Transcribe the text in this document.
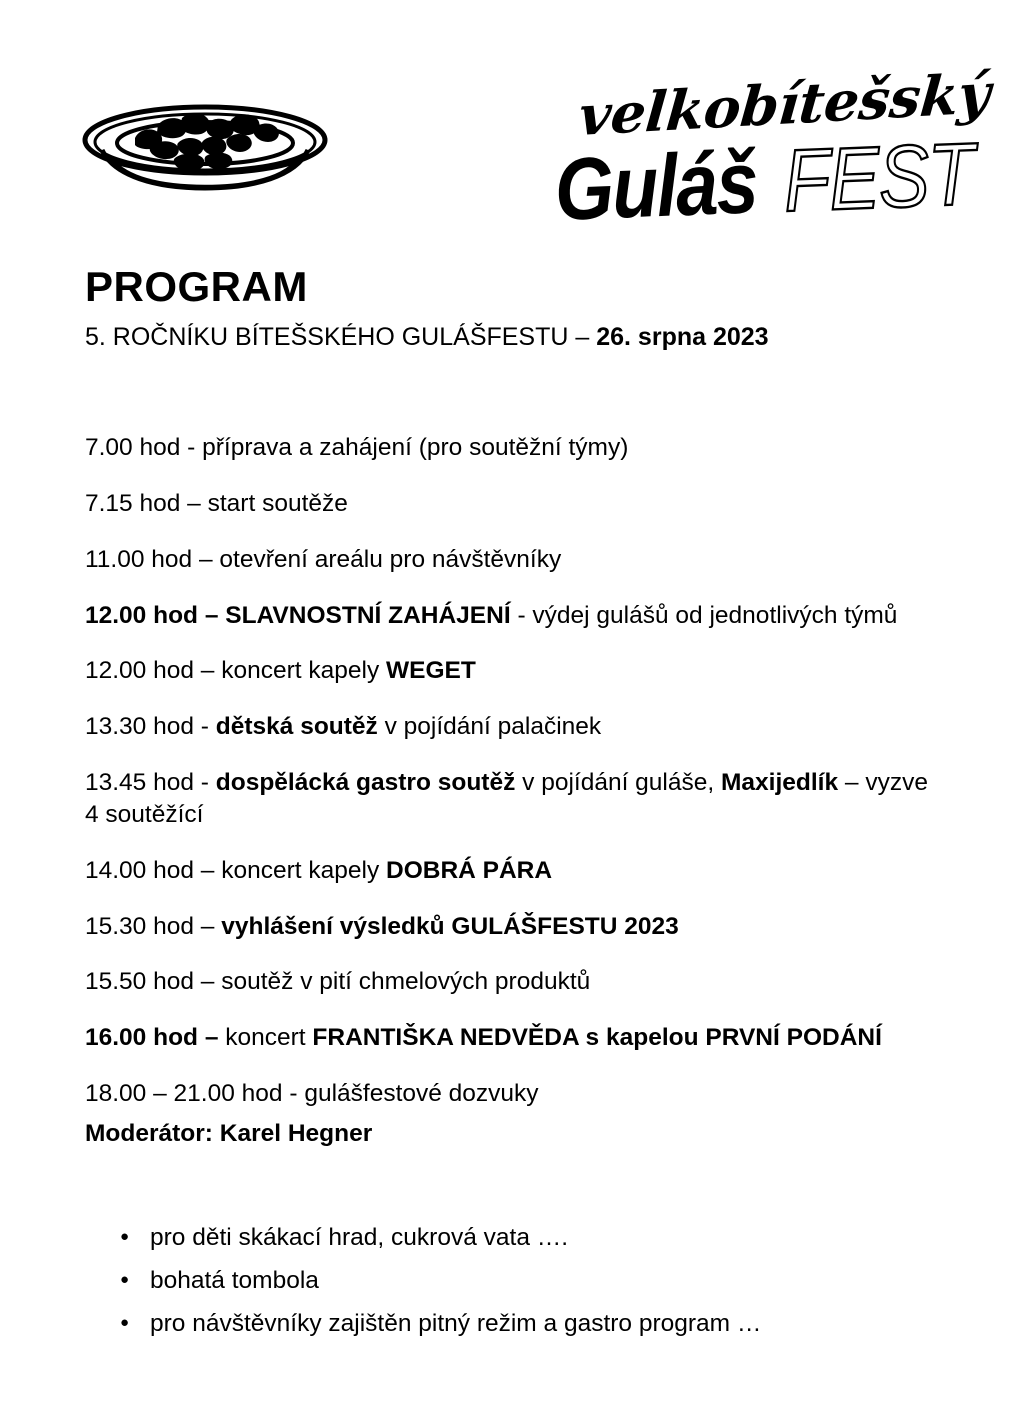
velkobítešský
Guláš FEST
PROGRAM
5. ROČNÍKU BÍTEŠSKÉHO GULÁŠFESTU – 26. srpna 2023

7.00 hod - příprava a zahájení (pro soutěžní týmy)

7.15 hod – start soutěže

11.00 hod – otevření areálu pro návštěvníky

12.00 hod – SLAVNOSTNÍ ZAHÁJENÍ - výdej gulášů od jednotlivých týmů

12.00 hod – koncert kapely WEGET

13.30 hod - dětská soutěž v pojídání palačinek

13.45 hod - dospělácká gastro soutěž v pojídání guláše, Maxijedlík – vyzve 4 soutěžící

14.00 hod – koncert kapely DOBRÁ PÁRA

15.30 hod – vyhlášení výsledků GULÁŠFESTU 2023

15.50 hod – soutěž v pití chmelových produktů

16.00 hod – koncert FRANTIŠKA NEDVĚDA s kapelou PRVNÍ PODÁNÍ

18.00 – 21.00 hod - gulášfestové dozvuky

Moderátor: Karel Hegner
● pro děti skákací hrad, cukrová vata ….
● bohatá tombola
● pro návštěvníky zajištěn pitný režim a gastro program …
